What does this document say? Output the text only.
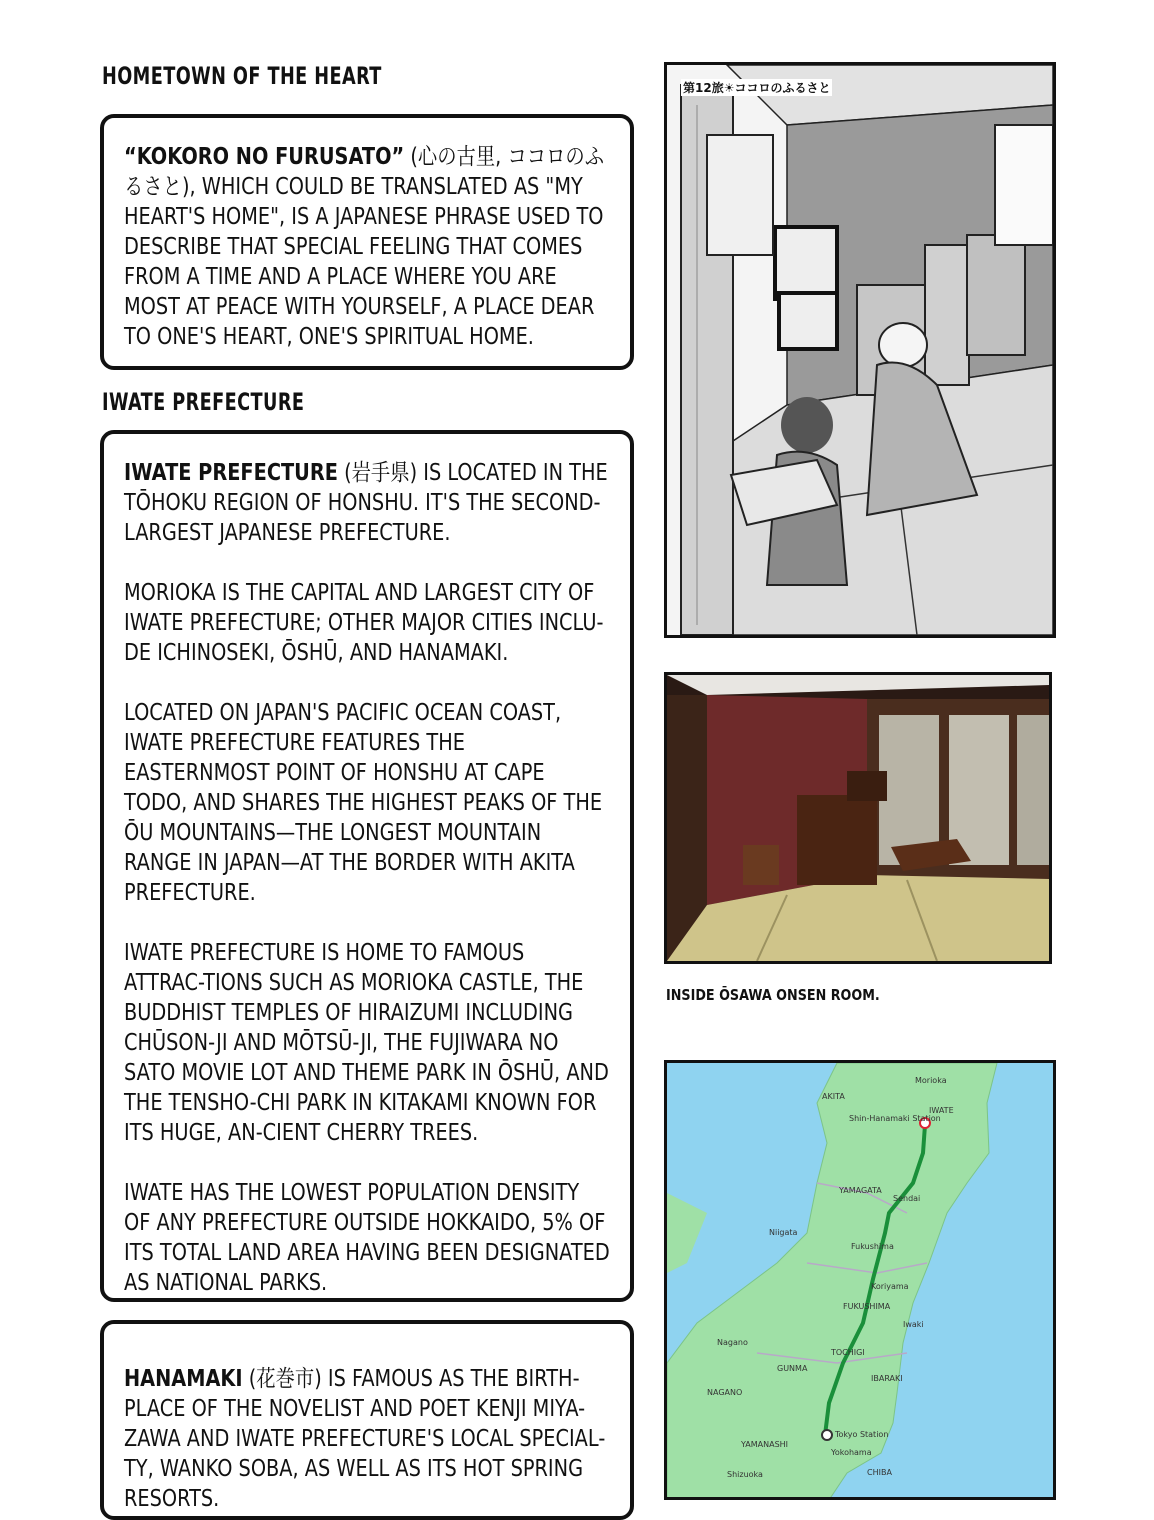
HOMETOWN OF THE HEART

“KOKORO NO FURUSATO” (心の古里, ココロのふるさと), WHICH COULD BE TRANSLATED AS "MY HEART'S HOME", IS A JAPANESE PHRASE USED TO DESCRIBE THAT SPECIAL FEELING THAT COMES FROM A TIME AND A PLACE WHERE YOU ARE MOST AT PEACE WITH YOURSELF, A PLACE DEAR TO ONE'S HEART, ONE'S SPIRITUAL HOME.

IWATE PREFECTURE

IWATE PREFECTURE (岩手県) IS LOCATED IN THE TŌHOKU REGION OF HONSHU. IT'S THE SECOND-LARGEST JAPANESE PREFECTURE.

MORIOKA IS THE CAPITAL AND LARGEST CITY OF IWATE PREFECTURE; OTHER MAJOR CITIES INCLU-DE ICHINOSEKI, ŌSHŪ, AND HANAMAKI.

LOCATED ON JAPAN'S PACIFIC OCEAN COAST, IWATE PREFECTURE FEATURES THE EASTERNMOST POINT OF HONSHU AT CAPE TODO, AND SHARES THE HIGHEST PEAKS OF THE ŌU MOUNTAINS—THE LONGEST MOUNTAIN RANGE IN JAPAN—AT THE BORDER WITH AKITA PREFECTURE.

IWATE PREFECTURE IS HOME TO FAMOUS ATTRAC-TIONS SUCH AS MORIOKA CASTLE, THE BUDDHIST TEMPLES OF HIRAIZUMI INCLUDING CHŪSON-JI AND MŌTSŪ-JI, THE FUJIWARA NO SATO MOVIE LOT AND THEME PARK IN ŌSHŪ, AND THE TENSHO-CHI PARK IN KITAKAMI KNOWN FOR ITS HUGE, AN-CIENT CHERRY TREES.

IWATE HAS THE LOWEST POPULATION DENSITY OF ANY PREFECTURE OUTSIDE HOKKAIDO, 5% OF ITS TOTAL LAND AREA HAVING BEEN DESIGNATED AS NATIONAL PARKS.

HANAMAKI (花巻市) IS FAMOUS AS THE BIRTH-PLACE OF THE NOVELIST AND POET KENJI MIYA-ZAWA AND IWATE PREFECTURE'S LOCAL SPECIAL-TY, WANKO SOBA, AS WELL AS ITS HOT SPRING RESORTS.

第12旅☀ココロのふるさと
INSIDE ŌSAWA ONSEN ROOM.
AKITA
Morioka
Shin-Hanamaki Station
IWATE
YAMAGATA
Sendai
Niigata
Fukushima
Koriyama
FUKUSHIMA
Iwaki
Nagano
TOCHIGI
GUNMA
IBARAKI
NAGANO
Tokyo Station
Yokohama
YAMANASHI
Shizuoka	CHIBA
